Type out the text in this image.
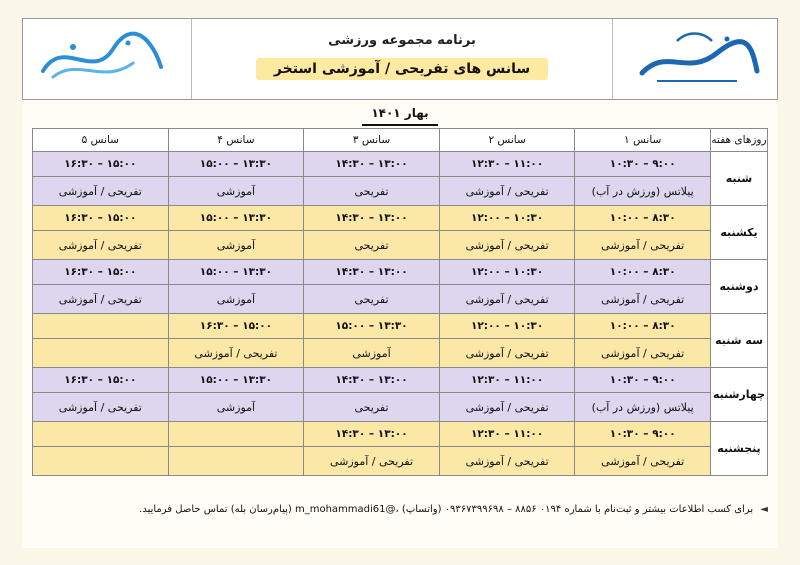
برنامه مجموعه ورزشی
سانس های تفریحی / آموزشی استخر
بهار ۱۴۰۱
روزهای هفته	سانس ۱	سانس ۲	سانس ۳	سانس ۴	سانس ۵
شنبه	۹:۰۰ – ۱۰:۳۰	۱۱:۰۰ – ۱۲:۳۰	۱۳:۰۰ – ۱۴:۳۰	۱۳:۳۰ – ۱۵:۰۰	۱۵:۰۰ – ۱۶:۳۰
	پیلاتس (ورزش در آب)	تفریحی / آموزشی	تفریحی	آموزشی	تفریحی / آموزشی
یکشنبه	۸:۳۰ – ۱۰:۰۰	۱۰:۳۰ – ۱۲:۰۰	۱۳:۰۰ – ۱۴:۳۰	۱۳:۳۰ – ۱۵:۰۰	۱۵:۰۰ – ۱۶:۳۰
	تفریحی / آموزشی	تفریحی / آموزشی	تفریحی	آموزشی	تفریحی / آموزشی
دوشنبه	۸:۳۰ – ۱۰:۰۰	۱۰:۳۰ – ۱۲:۰۰	۱۳:۰۰ – ۱۴:۳۰	۱۳:۳۰ – ۱۵:۰۰	۱۵:۰۰ – ۱۶:۳۰
	تفریحی / آموزشی	تفریحی / آموزشی	تفریحی	آموزشی	تفریحی / آموزشی
سه شنبه	۸:۳۰ – ۱۰:۰۰	۱۰:۳۰ – ۱۲:۰۰	۱۳:۳۰ – ۱۵:۰۰	۱۵:۰۰ – ۱۶:۳۰	
	تفریحی / آموزشی	تفریحی / آموزشی	آموزشی	تفریحی / آموزشی	
چهارشنبه	۹:۰۰ – ۱۰:۳۰	۱۱:۰۰ – ۱۲:۳۰	۱۳:۰۰ – ۱۴:۳۰	۱۳:۳۰ – ۱۵:۰۰	۱۵:۰۰ – ۱۶:۳۰
	پیلاتس (ورزش در آب)	تفریحی / آموزشی	تفریحی	آموزشی	تفریحی / آموزشی
پنجشنبه	۹:۰۰ – ۱۰:۳۰	۱۱:۰۰ – ۱۲:۳۰	۱۳:۰۰ – ۱۴:۳۰		
	تفریحی / آموزشی	تفریحی / آموزشی	تفریحی / آموزشی		
◄ برای کسب اطلاعات بیشتر و ثبت‌نام با شماره ۰۱۹۴ ۸۸۵۶ – ۰۹۳۶۷۳۹۹۶۹۸ (واتساپ) ،@m_mohammadi61 (پیام‌رسان بله) تماس حاصل فرمایید.
